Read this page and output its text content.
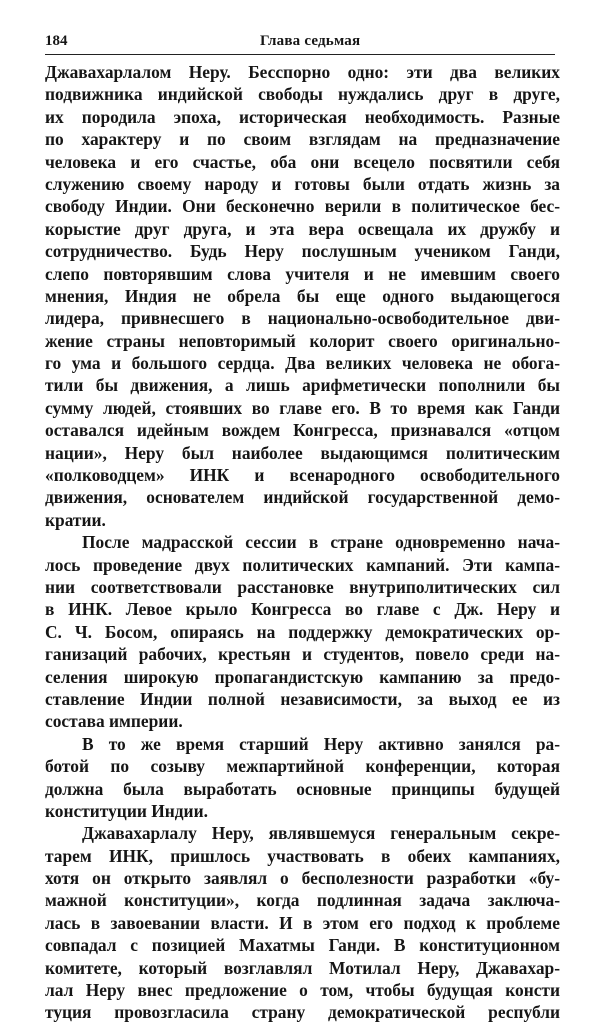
184	Глава седьмая
Джавахарлалом Неру. Бесспорно одно: эти два великих
подвижника индийской свободы нуждались друг в друге,
их породила эпоха, историческая необходимость. Разные
по характеру и по своим взглядам на предназначение
человека и его счастье, оба они всецело посвятили себя
служению своему народу и готовы были отдать жизнь за
свободу Индии. Они бесконечно верили в политическое бес-
корыстие друг друга, и эта вера освещала их дружбу и
сотрудничество. Будь Неру послушным учеником Ганди,
слепо повторявшим слова учителя и не имевшим своего
мнения, Индия не обрела бы еще одного выдающегося
лидера, привнесшего в национально-освободительное дви-
жение страны неповторимый колорит своего оригинально-
го ума и большого сердца. Два великих человека не обога-
тили бы движения, а лишь арифметически пополнили бы
сумму людей, стоявших во главе его. В то время как Ганди
оставался идейным вождем Конгресса, признавался «отцом
нации», Неру был наиболее выдающимся политическим
«полководцем» ИНК и всенародного освободительного
движения, основателем индийской государственной демо-
кратии.
После мадрасской сессии в стране одновременно нача-
лось проведение двух политических кампаний. Эти кампа-
нии соответствовали расстановке внутриполитических сил
в ИНК. Левое крыло Конгресса во главе с Дж. Неру и
С. Ч. Босом, опираясь на поддержку демократических ор-
ганизаций рабочих, крестьян и студентов, повело среди на-
селения широкую пропагандистскую кампанию за предо-
ставление Индии полной независимости, за выход ее из
состава империи.
В то же время старший Неру активно занялся ра-
ботой по созыву межпартийной конференции, которая
должна была выработать основные принципы будущей
конституции Индии.
Джавахарлалу Неру, являвшемуся генеральным секре-
тарем ИНК, пришлось участвовать в обеих кампаниях,
хотя он открыто заявлял о бесполезности разработки «бу-
мажной конституции», когда подлинная задача заключа-
лась в завоевании власти. И в этом его подход к проблеме
совпадал с позицией Махатмы Ганди. В конституционном
комитете, который возглавлял Мотилал Неру, Джавахар-
лал Неру внес предложение о том, чтобы будущая консти
туция провозгласила страну демократической республи
